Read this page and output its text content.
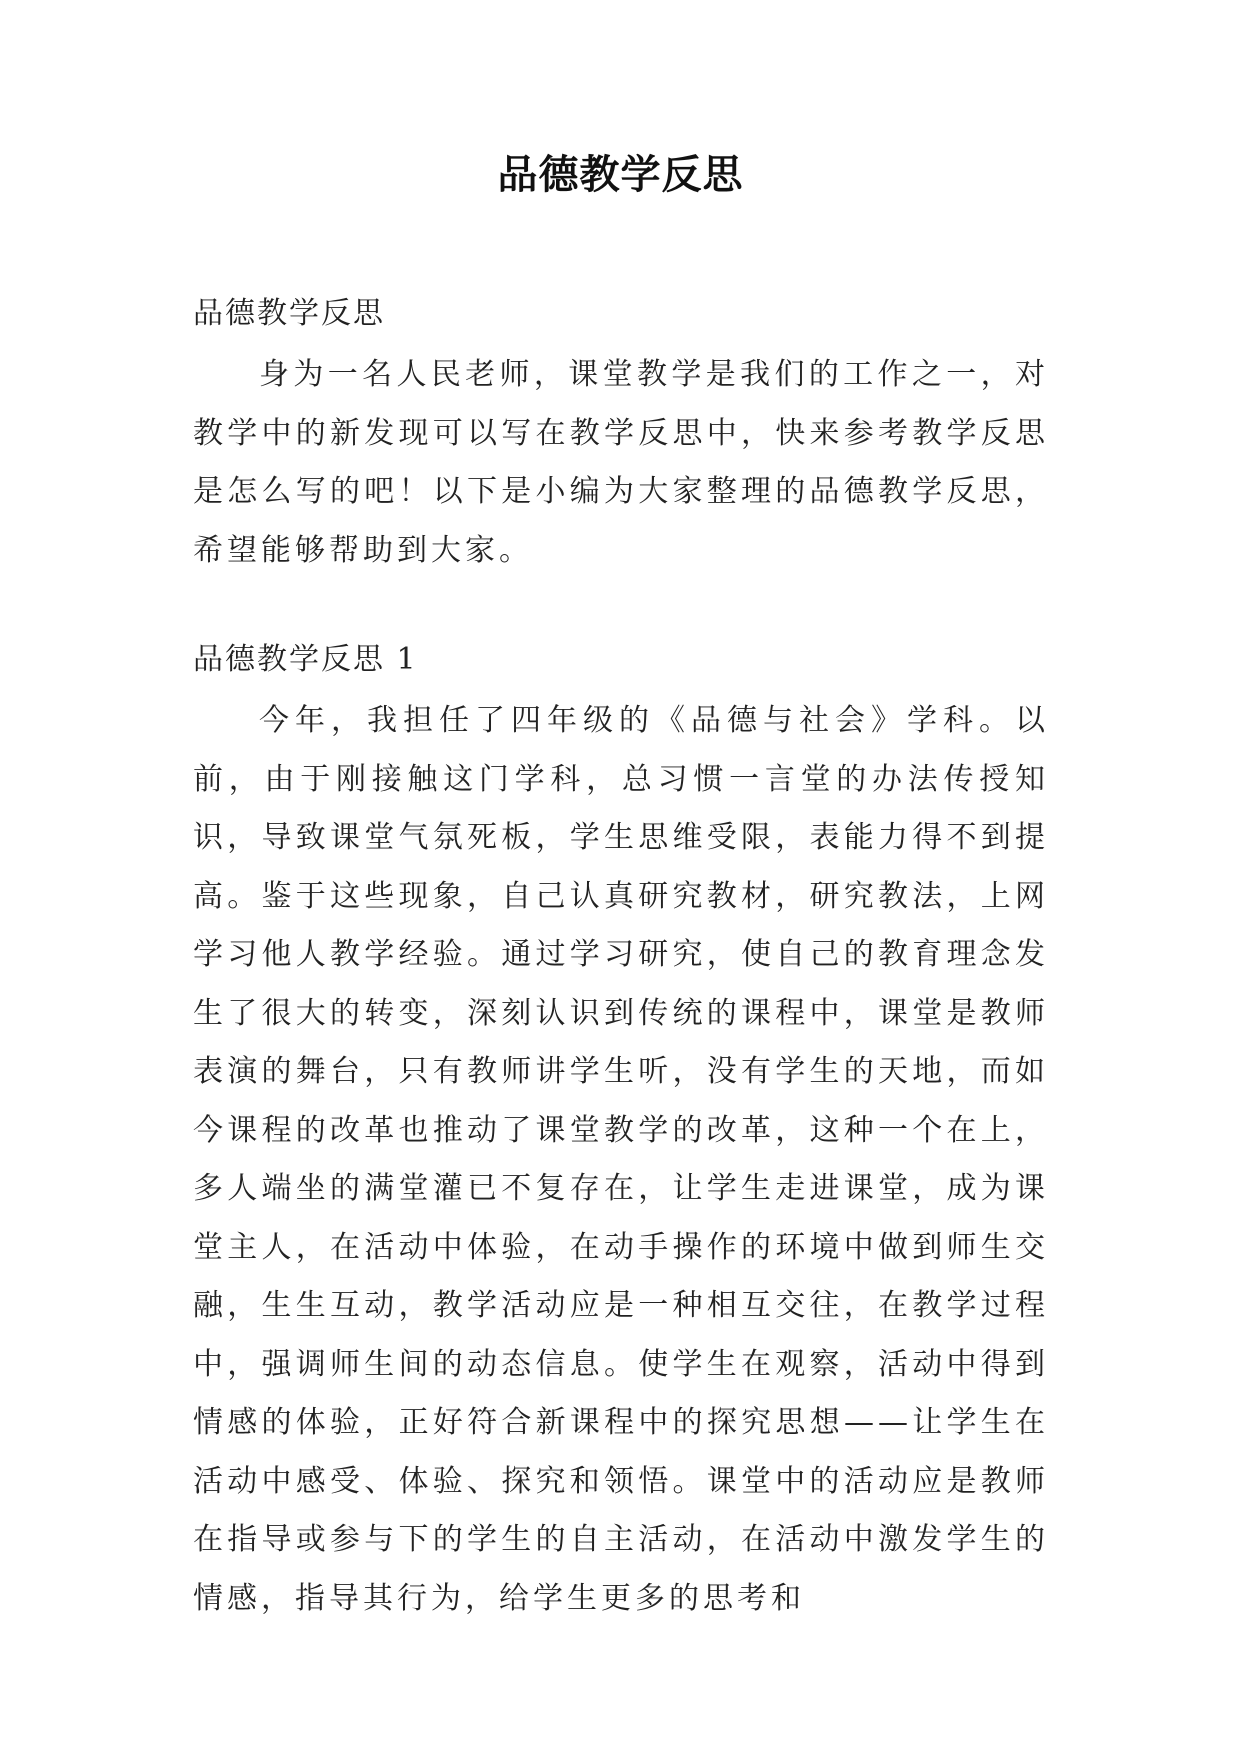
品德教学反思
品德教学反思

身为一名人民老师，课堂教学是我们的工作之一，对教学中的新发现可以写在教学反思中，快来参考教学反思是怎么写的吧！以下是小编为大家整理的品德教学反思，希望能够帮助到大家。

品德教学反思 1

今年，我担任了四年级的《品德与社会》学科。以前，由于刚接触这门学科，总习惯一言堂的办法传授知识，导致课堂气氛死板，学生思维受限，表能力得不到提高。鉴于这些现象，自己认真研究教材，研究教法，上网学习他人教学经验。通过学习研究，使自己的教育理念发生了很大的转变，深刻认识到传统的课程中，课堂是教师表演的舞台，只有教师讲学生听，没有学生的天地，而如今课程的改革也推动了课堂教学的改革，这种一个在上，多人端坐的满堂灌已不复存在，让学生走进课堂，成为课堂主人，在活动中体验，在动手操作的环境中做到师生交融，生生互动，教学活动应是一种相互交往，在教学过程中，强调师生间的动态信息。使学生在观察，活动中得到情感的体验，正好符合新课程中的探究思想——让学生在活动中感受、体验、探究和领悟。课堂中的活动应是教师在指导或参与下的学生的自主活动，在活动中激发学生的情感，指导其行为，给学生更多的思考和
